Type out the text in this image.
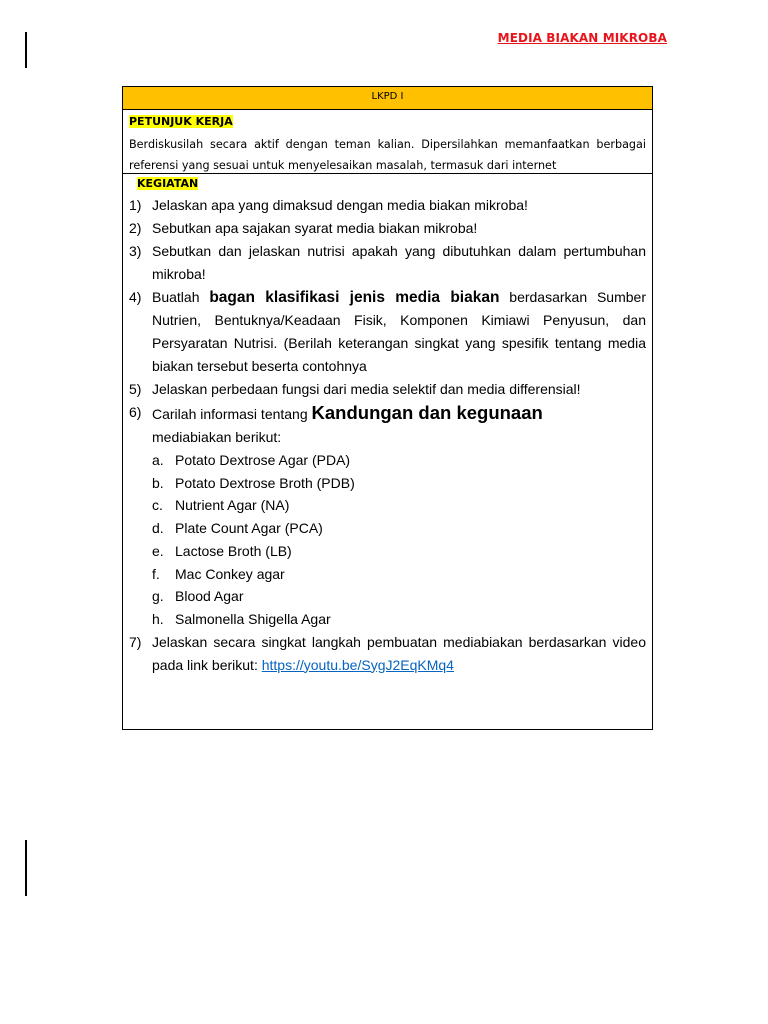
MEDIA BIAKAN MIKROBA
LKPD I
PETUNJUK KERJA
Berdiskusilah secara aktif dengan teman kalian. Dipersilahkan memanfaatkan berbagai referensi yang sesuai untuk menyelesaikan masalah, termasuk dari internet
KEGIATAN
1) Jelaskan apa yang dimaksud dengan media biakan mikroba!
2) Sebutkan apa sajakan syarat media biakan mikroba!
3) Sebutkan dan jelaskan nutrisi apakah yang dibutuhkan dalam pertumbuhan mikroba!
4) Buatlah bagan klasifikasi jenis media biakan berdasarkan Sumber Nutrien, Bentuknya/Keadaan Fisik, Komponen Kimiawi Penyusun, dan Persyaratan Nutrisi. (Berilah keterangan singkat yang spesifik tentang media biakan tersebut beserta contohnya
5) Jelaskan perbedaan fungsi dari media selektif dan media differensial!
6) Carilah informasi tentang Kandungan dan kegunaan
mediabiakan berikut:
a. Potato Dextrose Agar (PDA)
b. Potato Dextrose Broth (PDB)
c. Nutrient Agar (NA)
d. Plate Count Agar (PCA)
e. Lactose Broth (LB)
f.	Mac Conkey agar
g. Blood Agar
h. Salmonella Shigella Agar
7) Jelaskan secara singkat langkah pembuatan mediabiakan berdasarkan video pada link berikut: https://youtu.be/SygJ2EqKMq4
